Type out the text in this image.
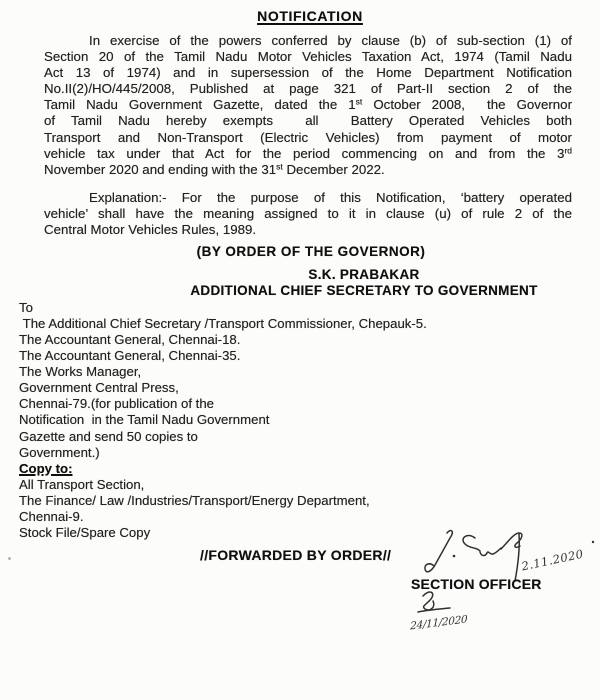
NOTIFICATION
In exercise of the powers conferred by clause (b) of sub-section (1) of
Section 20 of the Tamil Nadu Motor Vehicles Taxation Act, 1974 (Tamil Nadu
Act 13 of 1974) and in supersession of the Home Department Notification
No.II(2)/HO/445/2008, Published at page 321 of Part-II section 2 of the
Tamil Nadu Government Gazette, dated the 1st October 2008,  the Governor
of Tamil Nadu hereby exempts  all  Battery Operated Vehicles both
Transport and Non-Transport (Electric Vehicles) from payment of motor
vehicle tax under that Act for the period commencing on and from the 3rd
November 2020 and ending with the 31st December 2022.
Explanation:- For the purpose of this Notification, ‘battery operated
vehicle’ shall have the meaning assigned to it in clause (u) of rule 2 of the
Central Motor Vehicles Rules, 1989.
(BY ORDER OF THE GOVERNOR)
S.K. PRABAKAR
ADDITIONAL CHIEF SECRETARY TO GOVERNMENT
To
The Additional Chief Secretary /Transport Commissioner, Chepauk-5.
The Accountant General, Chennai-18.
The Accountant General, Chennai-35.
The Works Manager,
Government Central Press,
Chennai-79.(for publication of the
Notification  in the Tamil Nadu Government
Gazette and send 50 copies to
Government.)
Copy to:
All Transport Section,
The Finance/ Law /Industries/Transport/Energy Department,
Chennai-9.
Stock File/Spare Copy
//FORWARDED BY ORDER//	2.11.2020
SECTION OFFICER
24/11/2020
